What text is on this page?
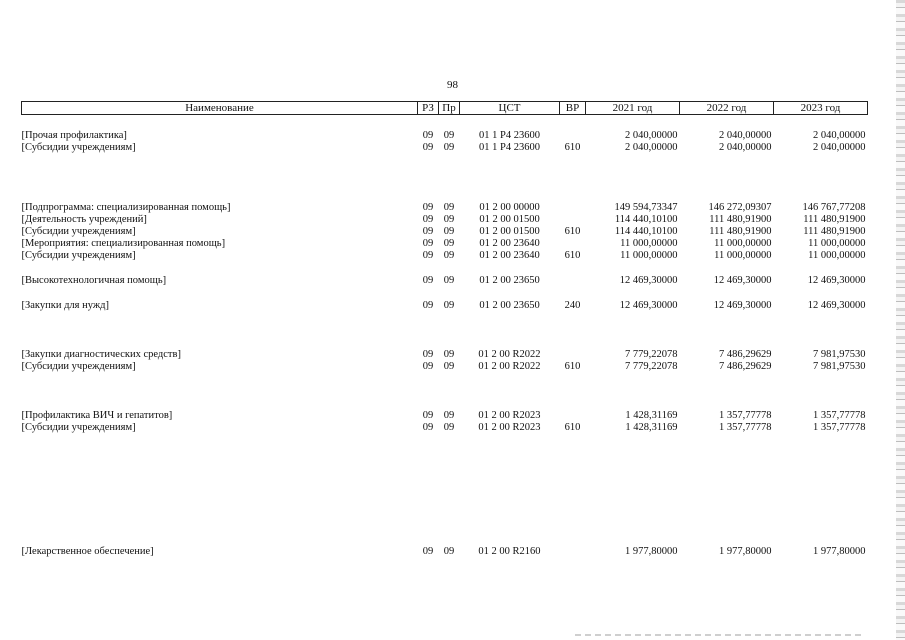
98
Наименование	РЗ	Пр	ЦСТ	ВР	2021 год	2022 год	2023 год
[Прочая профилактика]	09	09	01 1 P4 23600		2 040,00000	2 040,00000	2 040,00000
[Субсидии учреждениям]	09	09	01 1 P4 23600	610	2 040,00000	2 040,00000	2 040,00000
[Подпрограмма: специализированная помощь]	09	09	01 2 00 00000		149 594,73347	146 272,09307	146 767,77208
[Деятельность учреждений]	09	09	01 2 00 01500		114 440,10100	111 480,91900	111 480,91900
[Субсидии учреждениям]	09	09	01 2 00 01500	610	114 440,10100	111 480,91900	111 480,91900
[Мероприятия: специализированная помощь]	09	09	01 2 00 23640		11 000,00000	11 000,00000	11 000,00000
[Субсидии учреждениям]	09	09	01 2 00 23640	610	11 000,00000	11 000,00000	11 000,00000
[Высокотехнологичная помощь]	09	09	01 2 00 23650		12 469,30000	12 469,30000	12 469,30000
[Закупки для нужд]	09	09	01 2 00 23650	240	12 469,30000	12 469,30000	12 469,30000
[Закупки диагностических средств]	09	09	01 2 00 R2022		7 779,22078	7 486,29629	7 981,97530
[Субсидии учреждениям]	09	09	01 2 00 R2022	610	7 779,22078	7 486,29629	7 981,97530
[Профилактика ВИЧ и гепатитов]	09	09	01 2 00 R2023		1 428,31169	1 357,77778	1 357,77778
[Субсидии учреждениям]	09	09	01 2 00 R2023	610	1 428,31169	1 357,77778	1 357,77778
[Лекарственное обеспечение]	09	09	01 2 00 R2160		1 977,80000	1 977,80000	1 977,80000
